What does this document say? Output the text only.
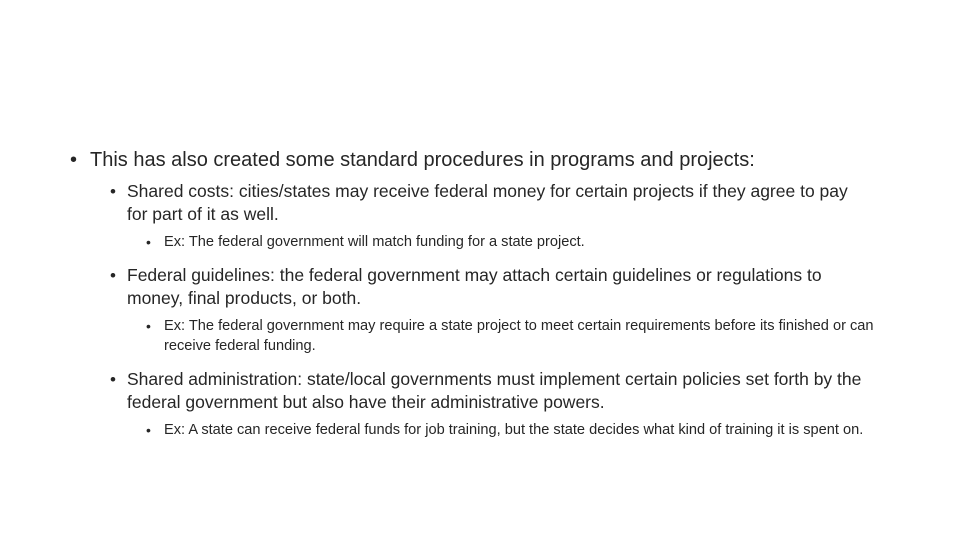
• This has also created some standard procedures in programs and projects:
• Shared costs: cities/states may receive federal money for certain projects if they agree to pay for part of it as well.
• Ex: The federal government will match funding for a state project.
• Federal guidelines: the federal government may attach certain guidelines or regulations to money, final products, or both.
• Ex: The federal government may require a state project to meet certain requirements before its finished or can receive federal funding.
• Shared administration: state/local governments must implement certain policies set forth by the federal government but also have their administrative powers.
• Ex: A state can receive federal funds for job training, but the state decides what kind of training it is spent on.
